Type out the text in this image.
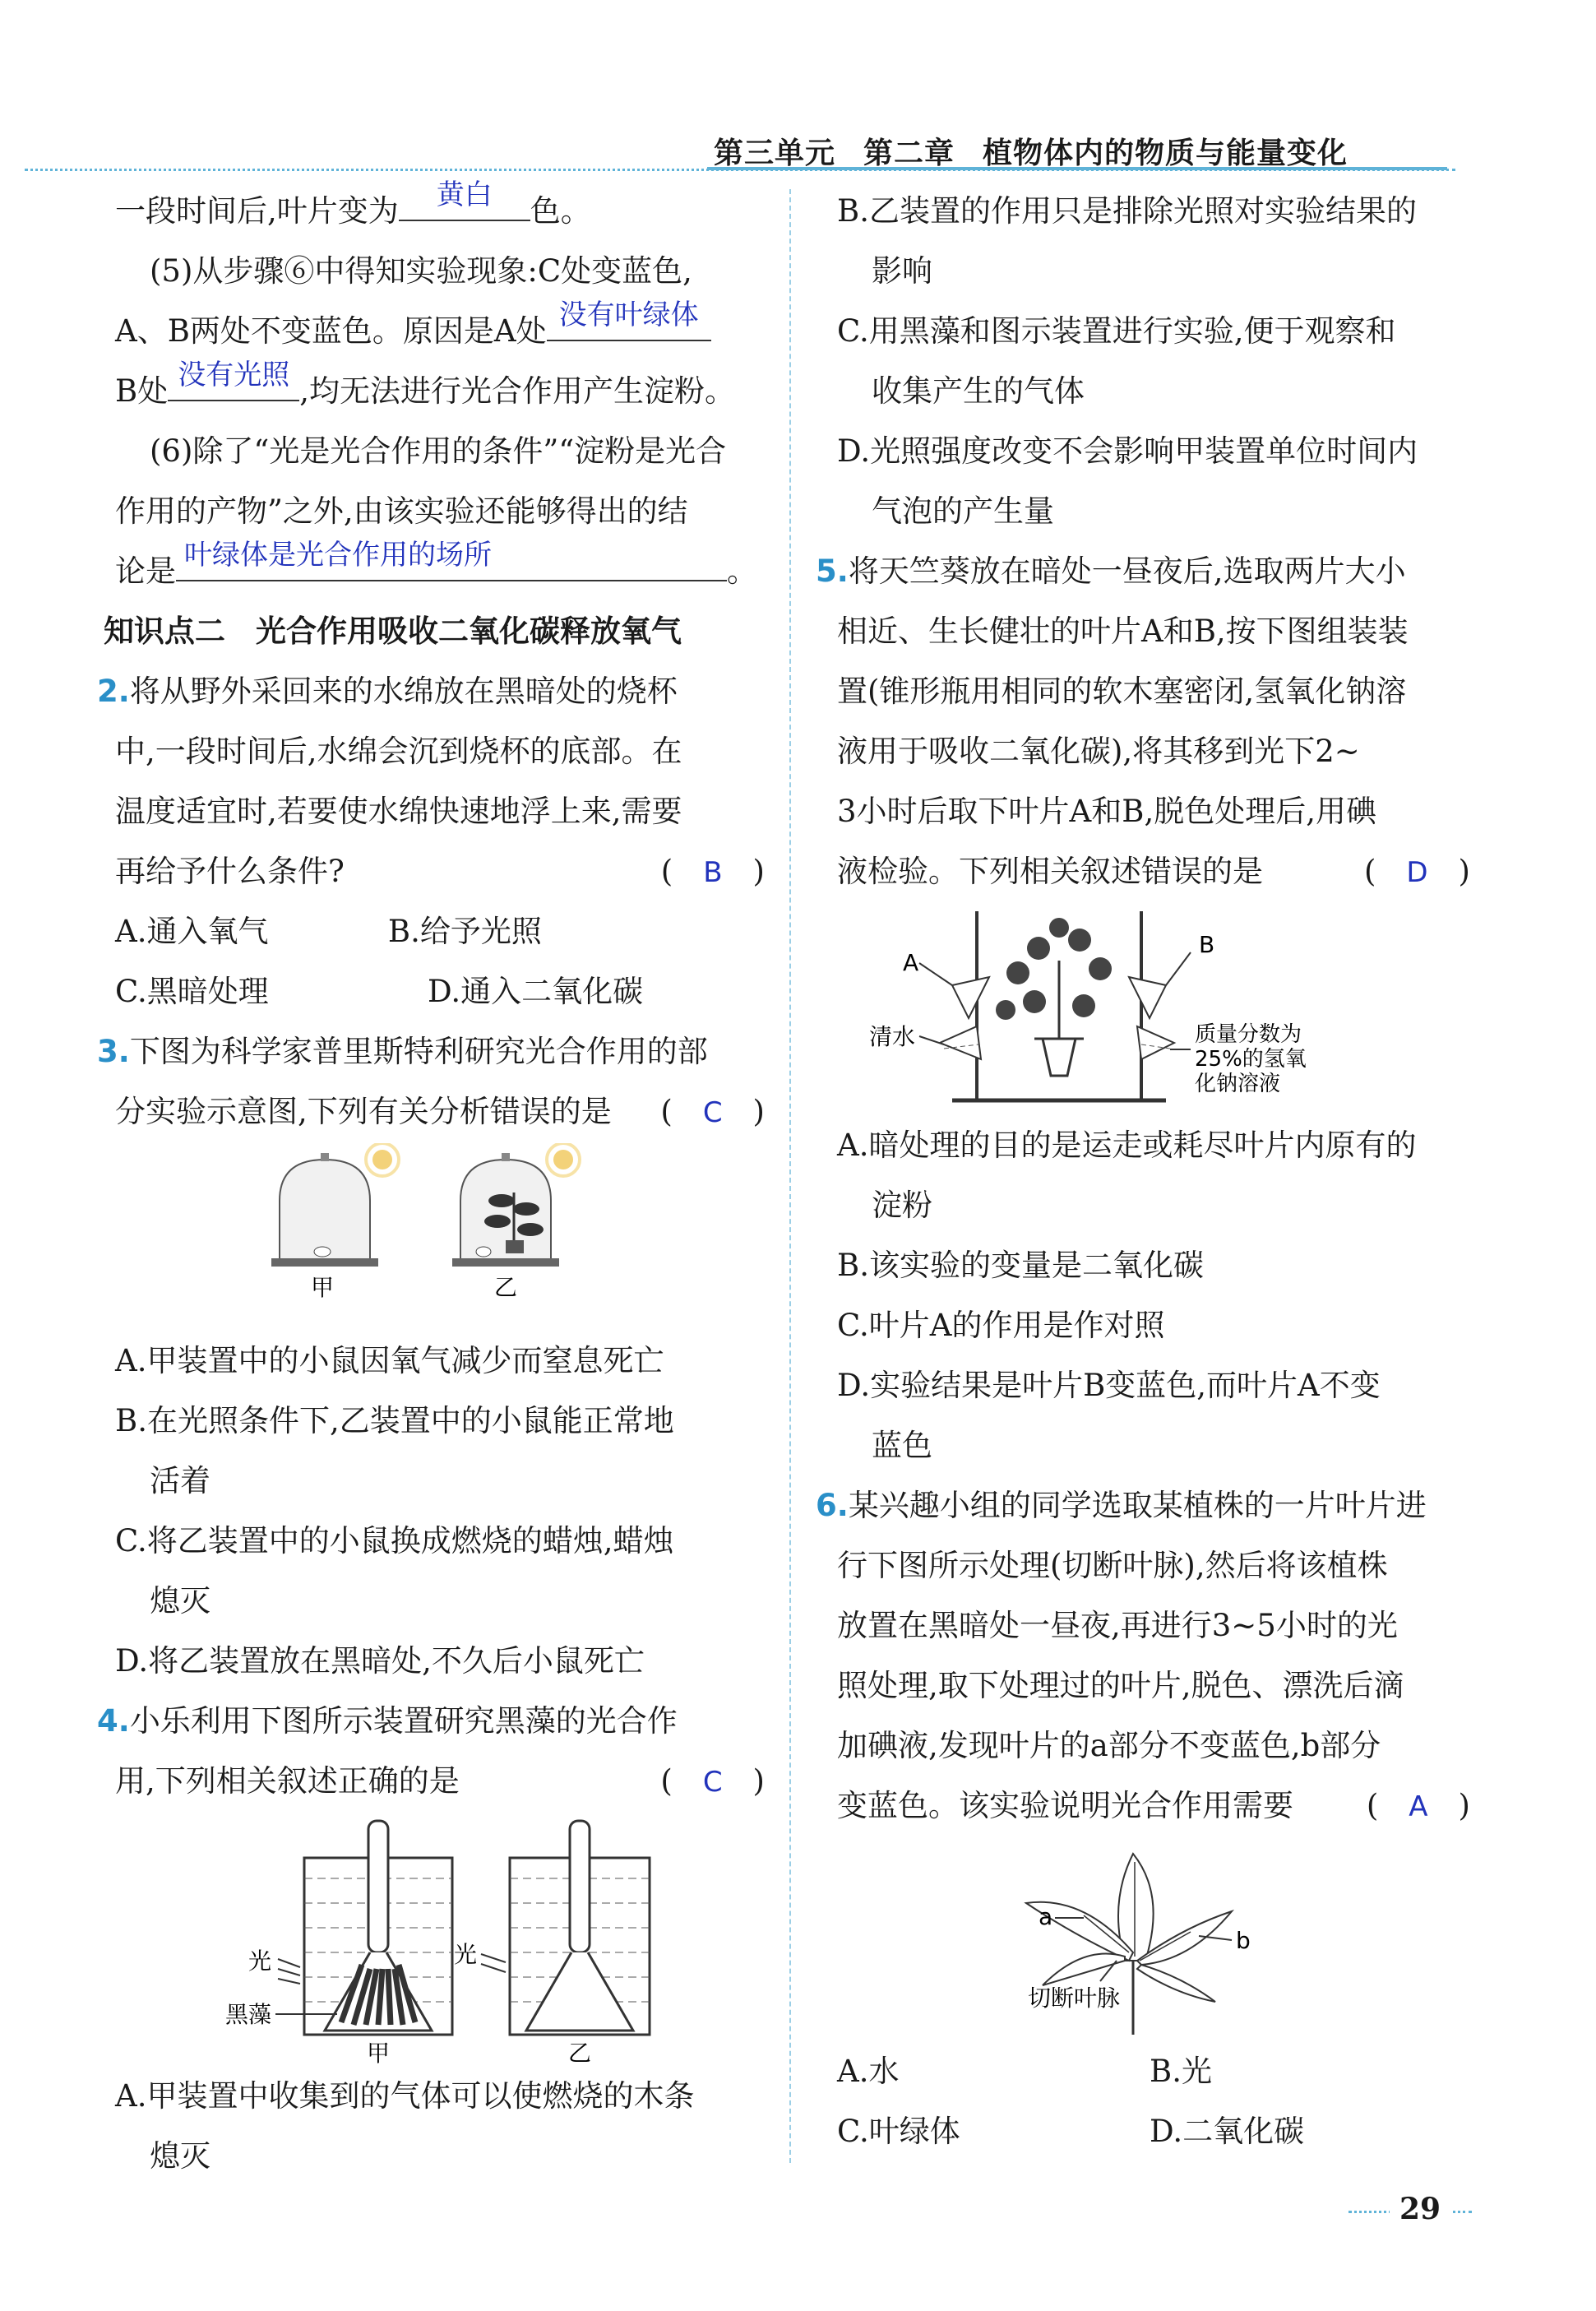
第三单元 第二章 植物体内的物质与能量变化
一段时间后,叶片变为	黄白	色。
(5)从步骤⑥中得知实验现象:C处变蓝色,
A、B两处不变蓝色。原因是A处 没有叶绿体
B处 没有光照 ,均无法进行光合作用产生淀粉。
(6)除了“光是光合作用的条件”“淀粉是光合
作用的产物”之外,由该实验还能够得出的结
论是 叶绿体是光合作用的场所	。
知识点二　光合作用吸收二氧化碳释放氧气
2.将从野外采回来的水绵放在黑暗处的烧杯
中,一段时间后,水绵会沉到烧杯的底部。在
温度适宜时,若要使水绵快速地浮上来,需要
再给予什么条件?	(　B　)
A.通入氧气	B.给予光照
C.黑暗处理	D.通入二氧化碳
3.下图为科学家普里斯特利研究光合作用的部
分实验示意图,下列有关分析错误的是 (　C　)
甲	乙
A.甲装置中的小鼠因氧气减少而窒息死亡
B.在光照条件下,乙装置中的小鼠能正常地
活着
C.将乙装置中的小鼠换成燃烧的蜡烛,蜡烛
熄灭
D.将乙装置放在黑暗处,不久后小鼠死亡
4.小乐利用下图所示装置研究黑藻的光合作
用,下列相关叙述正确的是	(　C　)
光
黑藻
甲
光
乙
A.甲装置中收集到的气体可以使燃烧的木条
熄灭
B.乙装置的作用只是排除光照对实验结果的
影响
C.用黑藻和图示装置进行实验,便于观察和
收集产生的气体
D.光照强度改变不会影响甲装置单位时间内
气泡的产生量
5.将天竺葵放在暗处一昼夜后,选取两片大小
相近、生长健壮的叶片A和B,按下图组装装
置(锥形瓶用相同的软木塞密闭,氢氧化钠溶
液用于吸收二氧化碳),将其移到光下2~
3小时后取下叶片A和B,脱色处理后,用碘
液检验。下列相关叙述错误的是	(　D　)
A
B
清水	质量分数为
25%的氢氧
化钠溶液
A.暗处理的目的是运走或耗尽叶片内原有的
淀粉
B.该实验的变量是二氧化碳
C.叶片A的作用是作对照
D.实验结果是叶片B变蓝色,而叶片A不变
蓝色
6.某兴趣小组的同学选取某植株的一片叶片进
行下图所示处理(切断叶脉),然后将该植株
放置在黑暗处一昼夜,再进行3~5小时的光
照处理,取下处理过的叶片,脱色、漂洗后滴
加碘液,发现叶片的a部分不变蓝色,b部分
变蓝色。该实验说明光合作用需要 (　A　)
a
b
切断叶脉
A.水	B.光
C.叶绿体	D.二氧化碳
29
